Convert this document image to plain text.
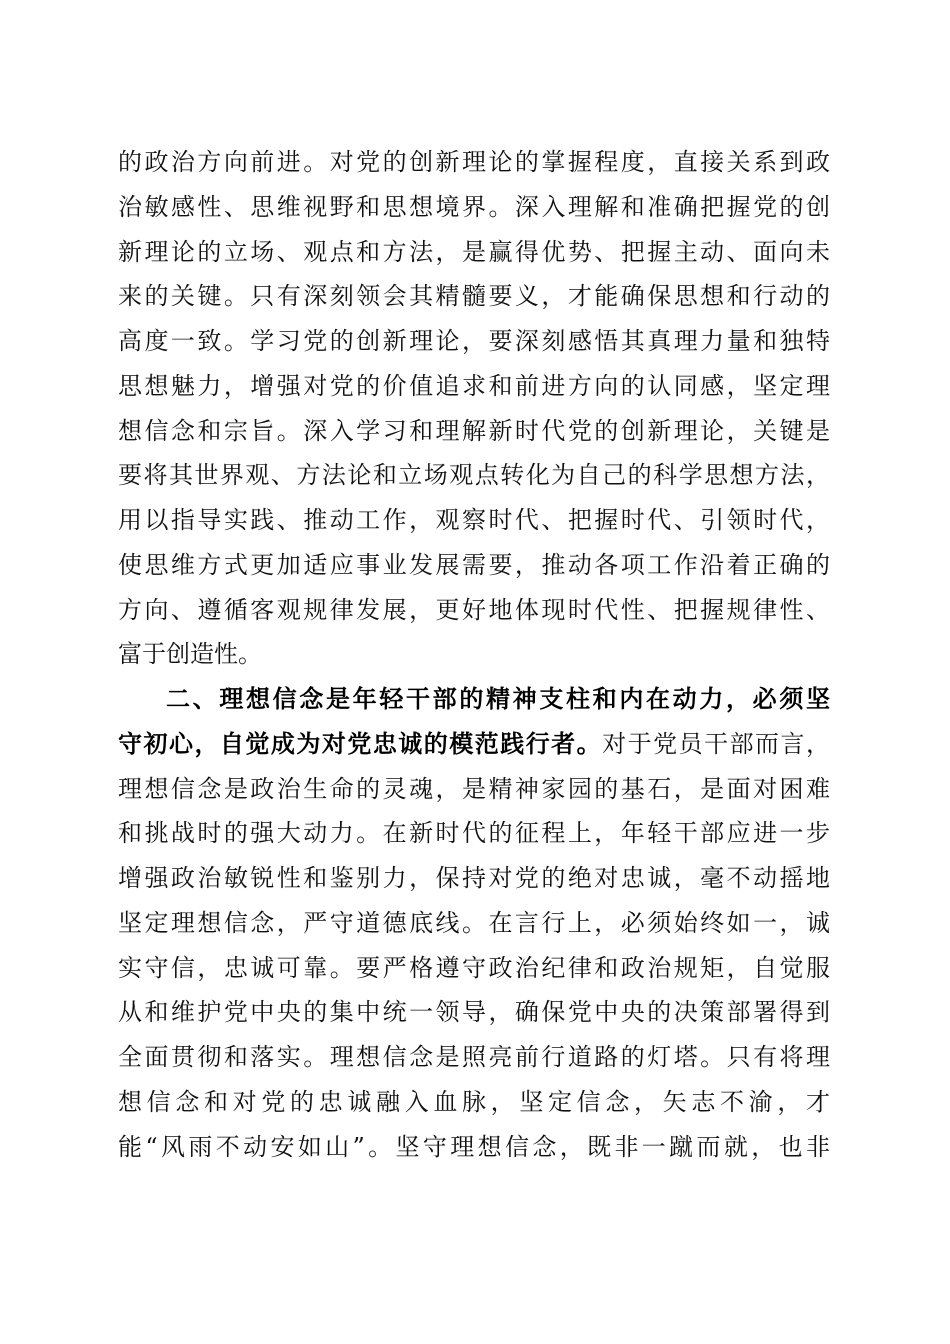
的政治方向前进。对党的创新理论的掌握程度，直接关系到政
治敏感性、思维视野和思想境界。深入理解和准确把握党的创
新理论的立场、观点和方法，是赢得优势、把握主动、面向未
来的关键。只有深刻领会其精髓要义，才能确保思想和行动的
高度一致。学习党的创新理论，要深刻感悟其真理力量和独特
思想魅力，增强对党的价值追求和前进方向的认同感，坚定理
想信念和宗旨。深入学习和理解新时代党的创新理论，关键是
要将其世界观、方法论和立场观点转化为自己的科学思想方法，
用以指导实践、推动工作，观察时代、把握时代、引领时代，
使思维方式更加适应事业发展需要，推动各项工作沿着正确的
方向、遵循客观规律发展，更好地体现时代性、把握规律性、
富于创造性。
二、理想信念是年轻干部的精神支柱和内在动力，必须坚
守初心，自觉成为对党忠诚的模范践行者。对于党员干部而言，
理想信念是政治生命的灵魂，是精神家园的基石，是面对困难
和挑战时的强大动力。在新时代的征程上，年轻干部应进一步
增强政治敏锐性和鉴别力，保持对党的绝对忠诚，毫不动摇地
坚定理想信念，严守道德底线。在言行上，必须始终如一，诚
实守信，忠诚可靠。要严格遵守政治纪律和政治规矩，自觉服
从和维护党中央的集中统一领导，确保党中央的决策部署得到
全面贯彻和落实。理想信念是照亮前行道路的灯塔。只有将理
想信念和对党的忠诚融入血脉，坚定信念，矢志不渝，才
能“风雨不动安如山”。坚守理想信念，既非一蹴而就，也非
